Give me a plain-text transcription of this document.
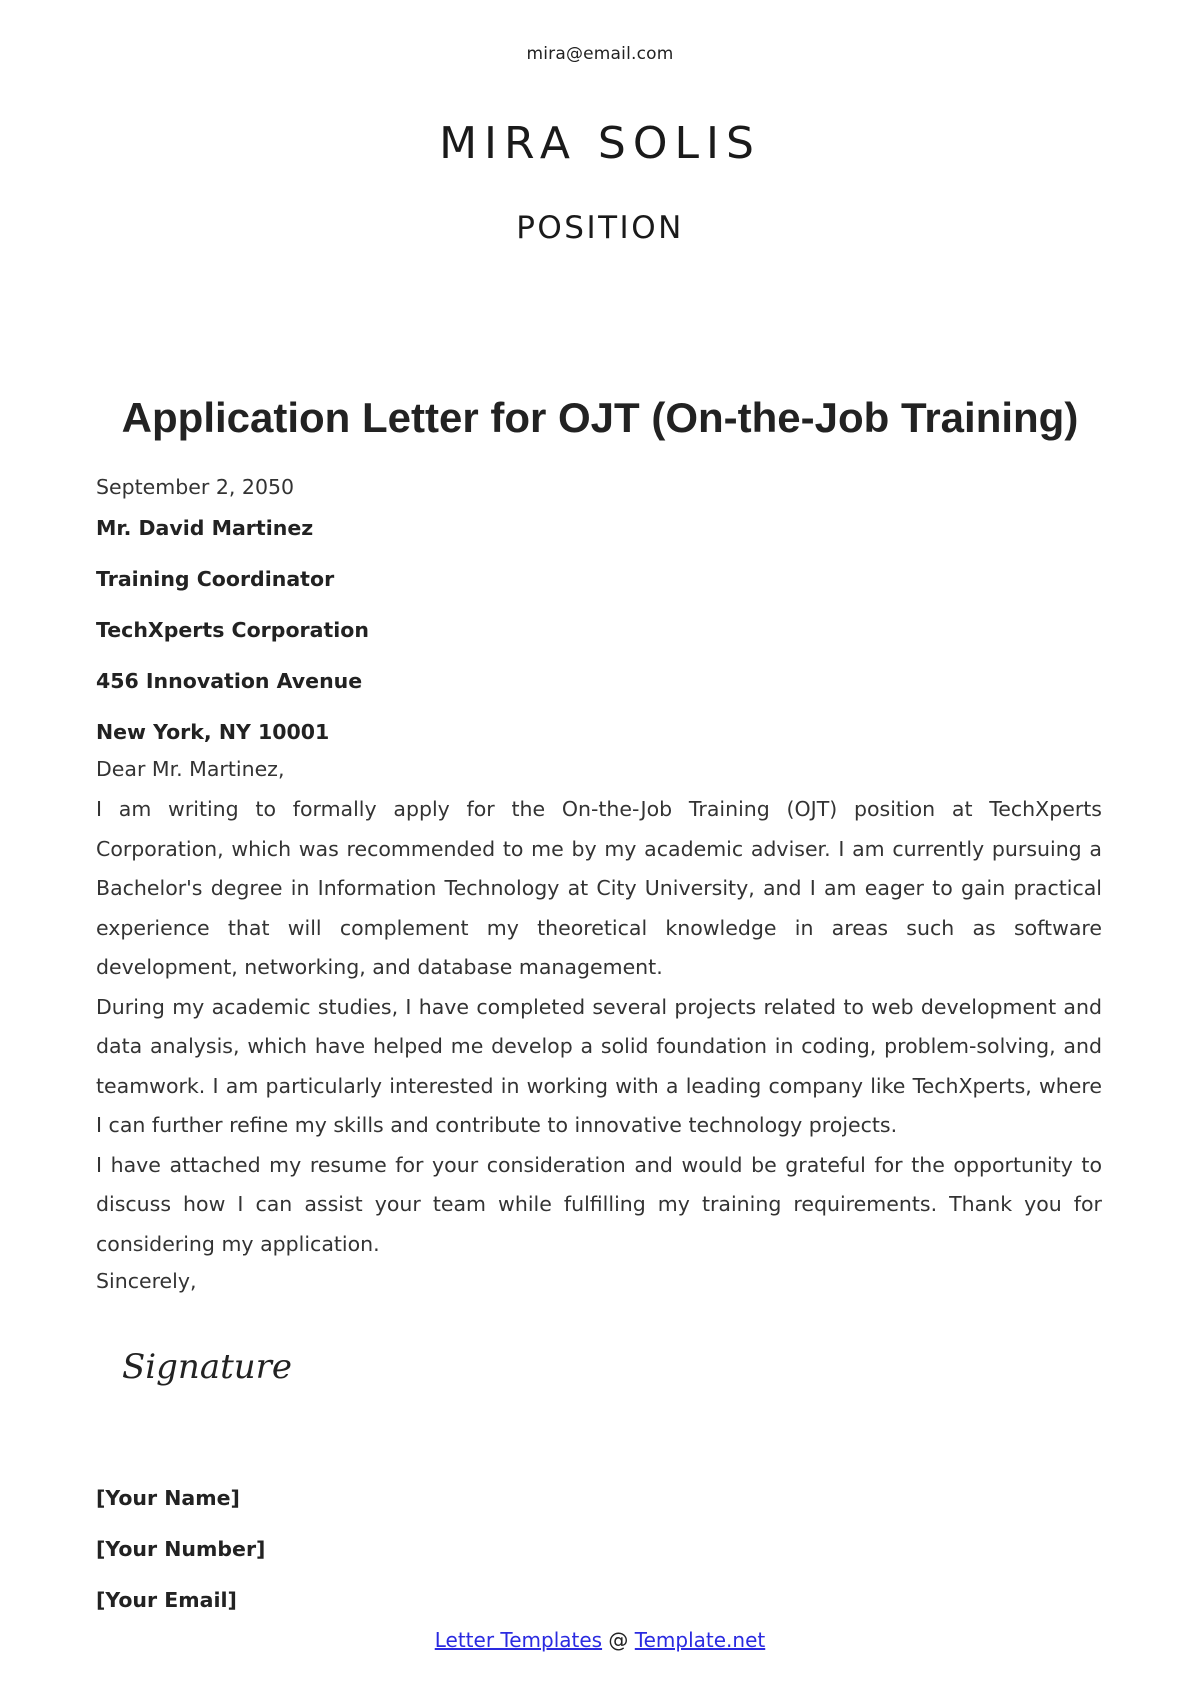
mira@email.com
MIRA SOLIS
POSITION
Application Letter for OJT (On-the-Job Training)
September 2, 2050
Mr. David Martinez
Training Coordinator
TechXperts Corporation
456 Innovation Avenue
New York, NY 10001
Dear Mr. Martinez,

I am writing to formally apply for the On-the-Job Training (OJT) position at TechXperts Corporation, which was recommended to me by my academic adviser. I am currently pursuing a Bachelor's degree in Information Technology at City University, and I am eager to gain practical experience that will complement my theoretical knowledge in areas such as software development, networking, and database management.

During my academic studies, I have completed several projects related to web development and data analysis, which have helped me develop a solid foundation in coding, problem-solving, and teamwork. I am particularly interested in working with a leading company like TechXperts, where I can further refine my skills and contribute to innovative technology projects.

I have attached my resume for your consideration and would be grateful for the opportunity to discuss how I can assist your team while fulfilling my training requirements. Thank you for considering my application.

Sincerely,
Signature
[Your Name]
[Your Number]
[Your Email]
Letter Templates @ Template.net
